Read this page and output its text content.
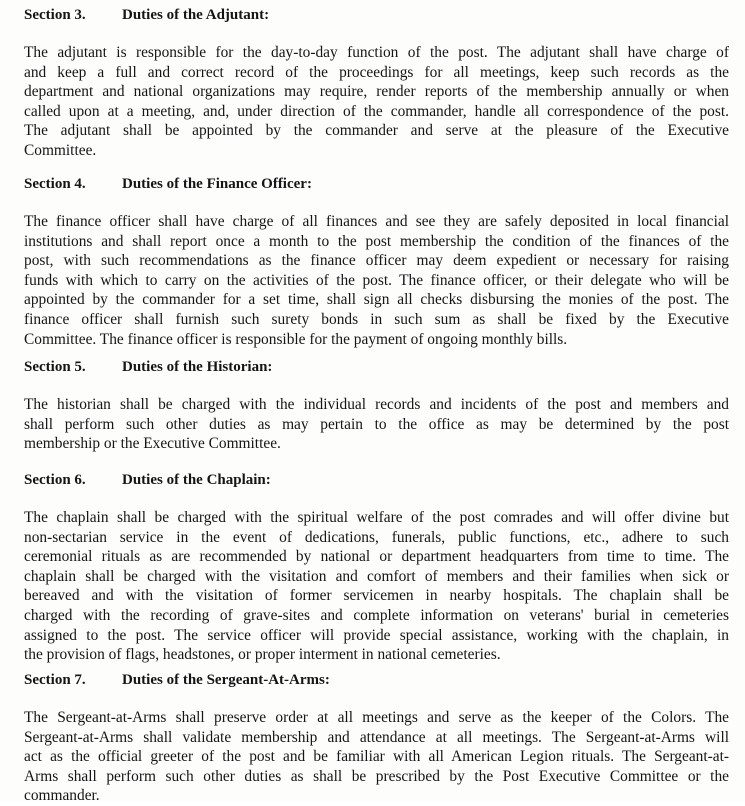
Section 3. Duties of the Adjutant:
The adjutant is responsible for the day-to-day function of the post. The adjutant shall have charge of
and keep a full and correct record of the proceedings for all meetings, keep such records as the
department and national organizations may require, render reports of the membership annually or when
called upon at a meeting, and, under direction of the commander, handle all correspondence of the post.
The adjutant shall be appointed by the commander and serve at the pleasure of the Executive
Committee.
Section 4. Duties of the Finance Officer:
The finance officer shall have charge of all finances and see they are safely deposited in local financial
institutions and shall report once a month to the post membership the condition of the finances of the
post, with such recommendations as the finance officer may deem expedient or necessary for raising
funds with which to carry on the activities of the post. The finance officer, or their delegate who will be
appointed by the commander for a set time, shall sign all checks disbursing the monies of the post. The
finance officer shall furnish such surety bonds in such sum as shall be fixed by the Executive
Committee. The finance officer is responsible for the payment of ongoing monthly bills.
Section 5. Duties of the Historian:
The historian shall be charged with the individual records and incidents of the post and members and
shall perform such other duties as may pertain to the office as may be determined by the post
membership or the Executive Committee.
Section 6. Duties of the Chaplain:
The chaplain shall be charged with the spiritual welfare of the post comrades and will offer divine but
non-sectarian service in the event of dedications, funerals, public functions, etc., adhere to such
ceremonial rituals as are recommended by national or department headquarters from time to time. The
chaplain shall be charged with the visitation and comfort of members and their families when sick or
bereaved and with the visitation of former servicemen in nearby hospitals. The chaplain shall be
charged with the recording of grave-sites and complete information on veterans' burial in cemeteries
assigned to the post. The service officer will provide special assistance, working with the chaplain, in
the provision of flags, headstones, or proper interment in national cemeteries.
Section 7. Duties of the Sergeant-At-Arms:
The Sergeant-at-Arms shall preserve order at all meetings and serve as the keeper of the Colors. The
Sergeant-at-Arms shall validate membership and attendance at all meetings. The Sergeant-at-Arms will
act as the official greeter of the post and be familiar with all American Legion rituals. The Sergeant-at-
Arms shall perform such other duties as shall be prescribed by the Post Executive Committee or the
commander.
